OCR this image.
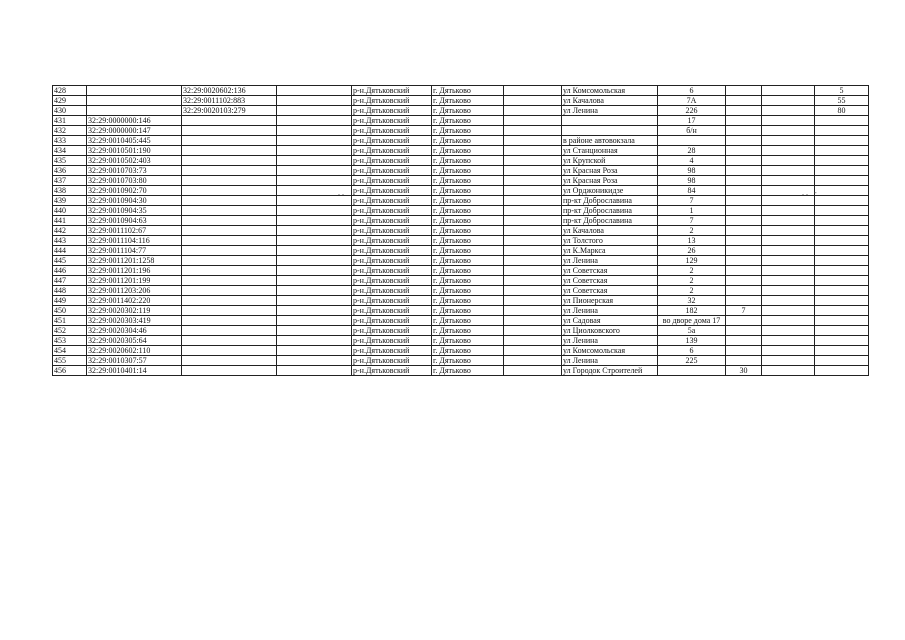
428		32:29:0020602:136		р-н.Дятьковский	г. Дятьково		ул Комсомольская	6			5
429		32:29:0011102:883		р-н.Дятьковский	г. Дятьково		ул Качалова	7А			55
430		32:29:0020103:279		р-н.Дятьковский	г. Дятьково		ул Ленина	226			80
431	32:29:0000000:146			р-н.Дятьковский	г. Дятьково			17			
432	32:29:0000000:147			р-н.Дятьковский	г. Дятьково			б/н			
433	32:29:0010405:445			р-н.Дятьковский	г. Дятьково		в районе автовокзала				
434	32:29:0010501:190			р-н.Дятьковский	г. Дятьково		ул Станционная	28			
435	32:29:0010502:403			р-н.Дятьковский	г. Дятьково		ул Крупской	4			
436	32:29:0010703:73			р-н.Дятьковский	г. Дятьково		ул Красная Роза	98			
437	32:29:0010703:80			р-н.Дятьковский	г. Дятьково		ул Красная Роза	98			
438	32:29:0010902:70			р-н.Дятьковский	г. Дятьково		ул Орджоникидзе	84			
439	32:29:0010904:30			р-н.Дятьковский	г. Дятьково		пр-кт Доброславина	7			
440	32:29:0010904:35			р-н.Дятьковский	г. Дятьково		пр-кт Доброславина	1			
441	32:29:0010904:63			р-н.Дятьковский	г. Дятьково		пр-кт Доброславина	7			
442	32:29:0011102:67			р-н.Дятьковский	г. Дятьково		ул Качалова	2			
443	32:29:0011104:116			р-н.Дятьковский	г. Дятьково		ул Толстого	13			
444	32:29:0011104:77			р-н.Дятьковский	г. Дятьково		ул К.Маркса	26			
445	32:29:0011201:1258			р-н.Дятьковский	г. Дятьково		ул Ленина	129			
446	32:29:0011201:196			р-н.Дятьковский	г. Дятьково		ул Советская	2			
447	32:29:0011201:199			р-н.Дятьковский	г. Дятьково		ул Советская	2			
448	32:29:0011203:206			р-н.Дятьковский	г. Дятьково		ул Советская	2			
449	32:29:0011402:220			р-н.Дятьковский	г. Дятьково		ул Пионерская	32			
450	32:29:0020302:119			р-н.Дятьковский	г. Дятьково		ул Ленина	182	7		
451	32:29:0020303:419			р-н.Дятьковский	г. Дятьково		ул Садовая	во дворе дома 17			
452	32:29:0020304:46			р-н.Дятьковский	г. Дятьково		ул Циолковского	5а			
453	32:29:0020305:64			р-н.Дятьковский	г. Дятьково		ул Ленина	139			
454	32:29:0020602:110			р-н.Дятьковский	г. Дятьково		ул Комсомольская	6			
455	32:29:0010307:57			р-н.Дятьковский	г. Дятьково		ул Ленина	225			
456	32:29:0010401:14			р-н.Дятьковский	г. Дятьково		ул Городок Строителей		30		
. .	. .   -
